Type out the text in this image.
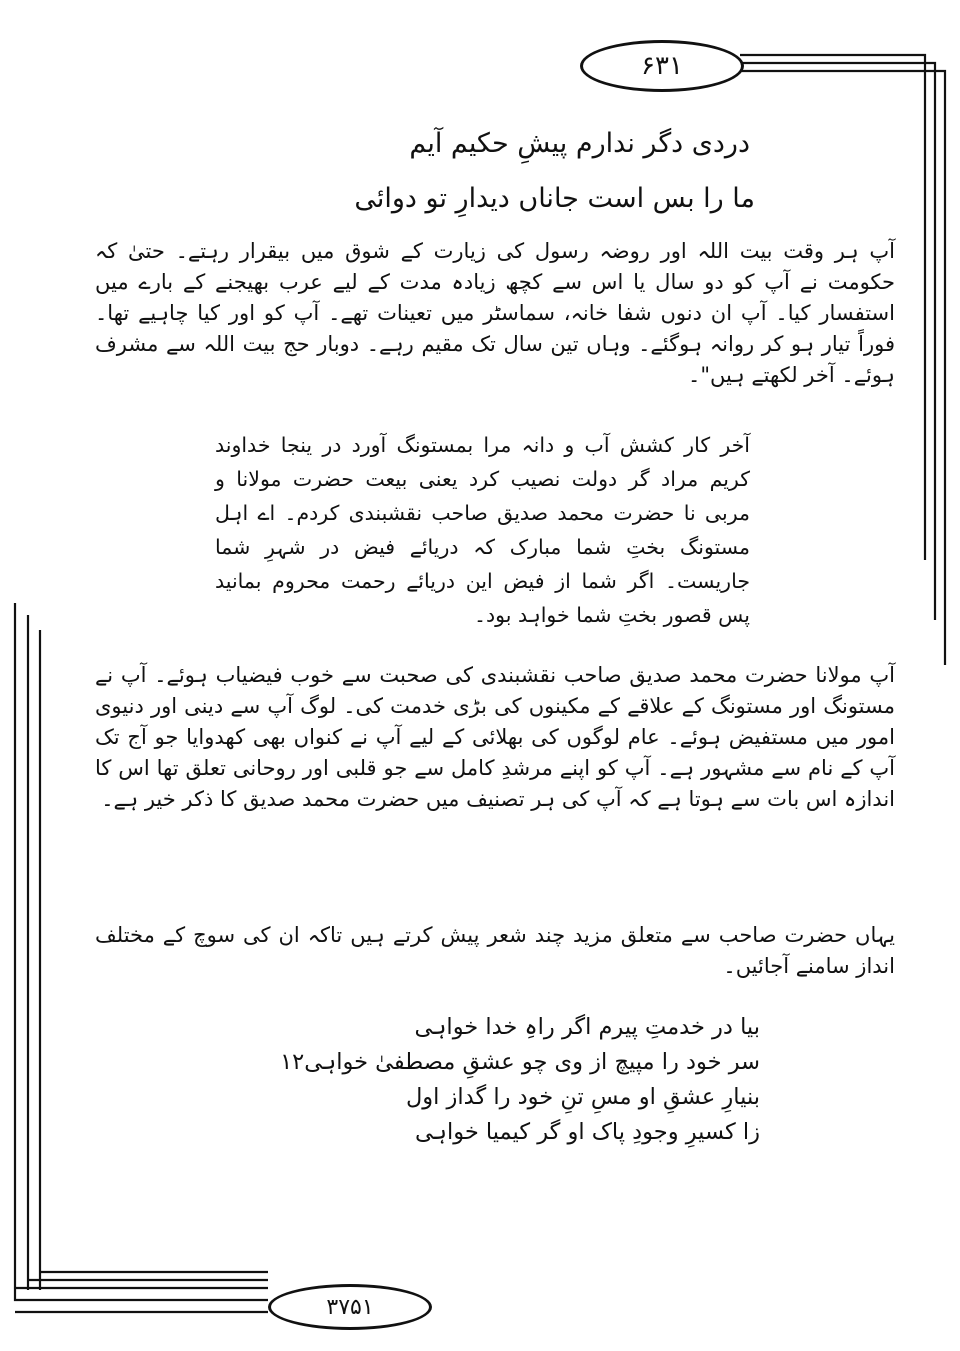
۶۳۱
۳۷۵۱
دردی دگر ندارم پیشِ حکیم آیم
ما را بس است جاناں دیدارِ تو دوائی

آپ ہر وقت بیت اللہ اور روضہ رسول کی زیارت کے شوق میں بیقرار رہتے۔ حتیٰ کہ حکومت نے آپ کو دو سال یا اس سے کچھ زیادہ مدت کے لیے عرب بھیجنے کے بارے میں استفسار کیا۔ آپ ان دنوں شفا خانہ، سماسٹر میں تعینات تھے۔ آپ کو اور کیا چاہیے تھا۔ فوراً تیار ہو کر روانہ ہوگئے۔ وہاں تین سال تک مقیم رہے۔ دوبار حج بیت اللہ سے مشرف ہوئے۔ آخر لکھتے ہیں"۔

آخر کار کشش آب و دانہ مرا بمستونگ آورد در ینجا خداوند کریم مراد گر دولت نصیب کرد یعنی بیعت حضرت مولانا و مربی نا حضرت محمد صدیق صاحب نقشبندی کردم۔ اے اہل مستونگ بختِ شما مبارک کہ دریائے فیض در شہرِ شما جاریست۔ اگر شما از فیض این دریائے رحمت محروم بمانید پس قصور بختِ شما خواہد بود۔

آپ مولانا حضرت محمد صدیق صاحب نقشبندی کی صحبت سے خوب فیضیاب ہوئے۔ آپ نے مستونگ اور مستونگ کے علاقے کے مکینوں کی بڑی خدمت کی۔ لوگ آپ سے دینی اور دنیوی امور میں مستفیض ہوئے۔ عام لوگوں کی بھلائی کے لیے آپ نے کنواں بھی کھدوایا جو آج تک آپ کے نام سے مشہور ہے۔ آپ کو اپنے مرشدِ کامل سے جو قلبی اور روحانی تعلق تھا اس کا اندازہ اس بات سے ہوتا ہے کہ آپ کی ہر تصنیف میں حضرت محمد صدیق کا ذکر خیر ہے۔

یہاں حضرت صاحب سے متعلق مزید چند شعر پیش کرتے ہیں تاکہ ان کی سوچ کے مختلف انداز سامنے آجائیں۔

بیا در خدمتِ پیرم اگر راہِ خدا خواہی
سر خود را مپیچ از وی چو عشقِ مصطفیٰ خواہی۱۲
بنیارِ عشقِ او مسِ تنِ خود را گداز اول
زا کسیرِ وجودِ پاک او گر کیمیا خواہی
